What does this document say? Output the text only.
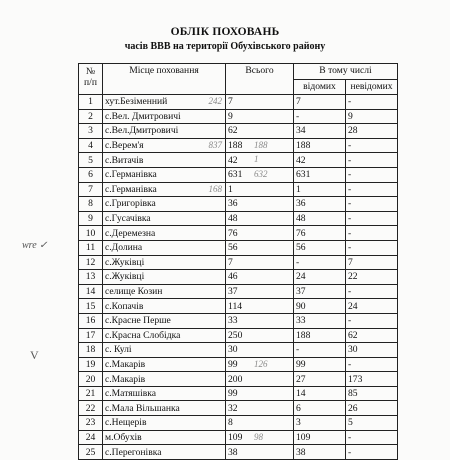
ОБЛІК ПОХОВАНЬ
часів ВВВ на території Обухівського району
wre ✓
V
№
п/п	Місце поховання	Всього	В тому числі	
			відомих	невідомих
1	хут.Безіменний 242	7	7	-
2	с.Вел. Дмитровичі	9	-	9
3	с.Вел.Дмитровичі	62	34	28
4	с.Верем'я 837	188 188	188	-
5	с.Витачів	42 1	42	-
6	с.Германівка	631 632	631	-
7	с.Германівка 168	1	1	-
8	с.Григорівка	36	36	-
9	с.Гусачівка	48	48	-
10	с.Деремезна	76	76	-
11	с.Долина	56	56	-
12	с.Жуківці	7	-	7
13	с.Жуківці	46	24	22
14	селище Козин	37	37	-
15	с.Копачів	114	90	24
16	с.Красне Перше	33	33	-
17	с.Красна Слобідка	250	188	62
18	с. Кулі	30	-	30
19	с.Макарів	99 126	99	-
20	с.Макарів	200	27	173
21	с.Матяшівка	99	14	85
22	с.Мала Вільшанка	32	6	26
23	с.Нещерів	8	3	5
24	м.Обухів	109 98	109	-
25	с.Перегонівка	38	38	-
